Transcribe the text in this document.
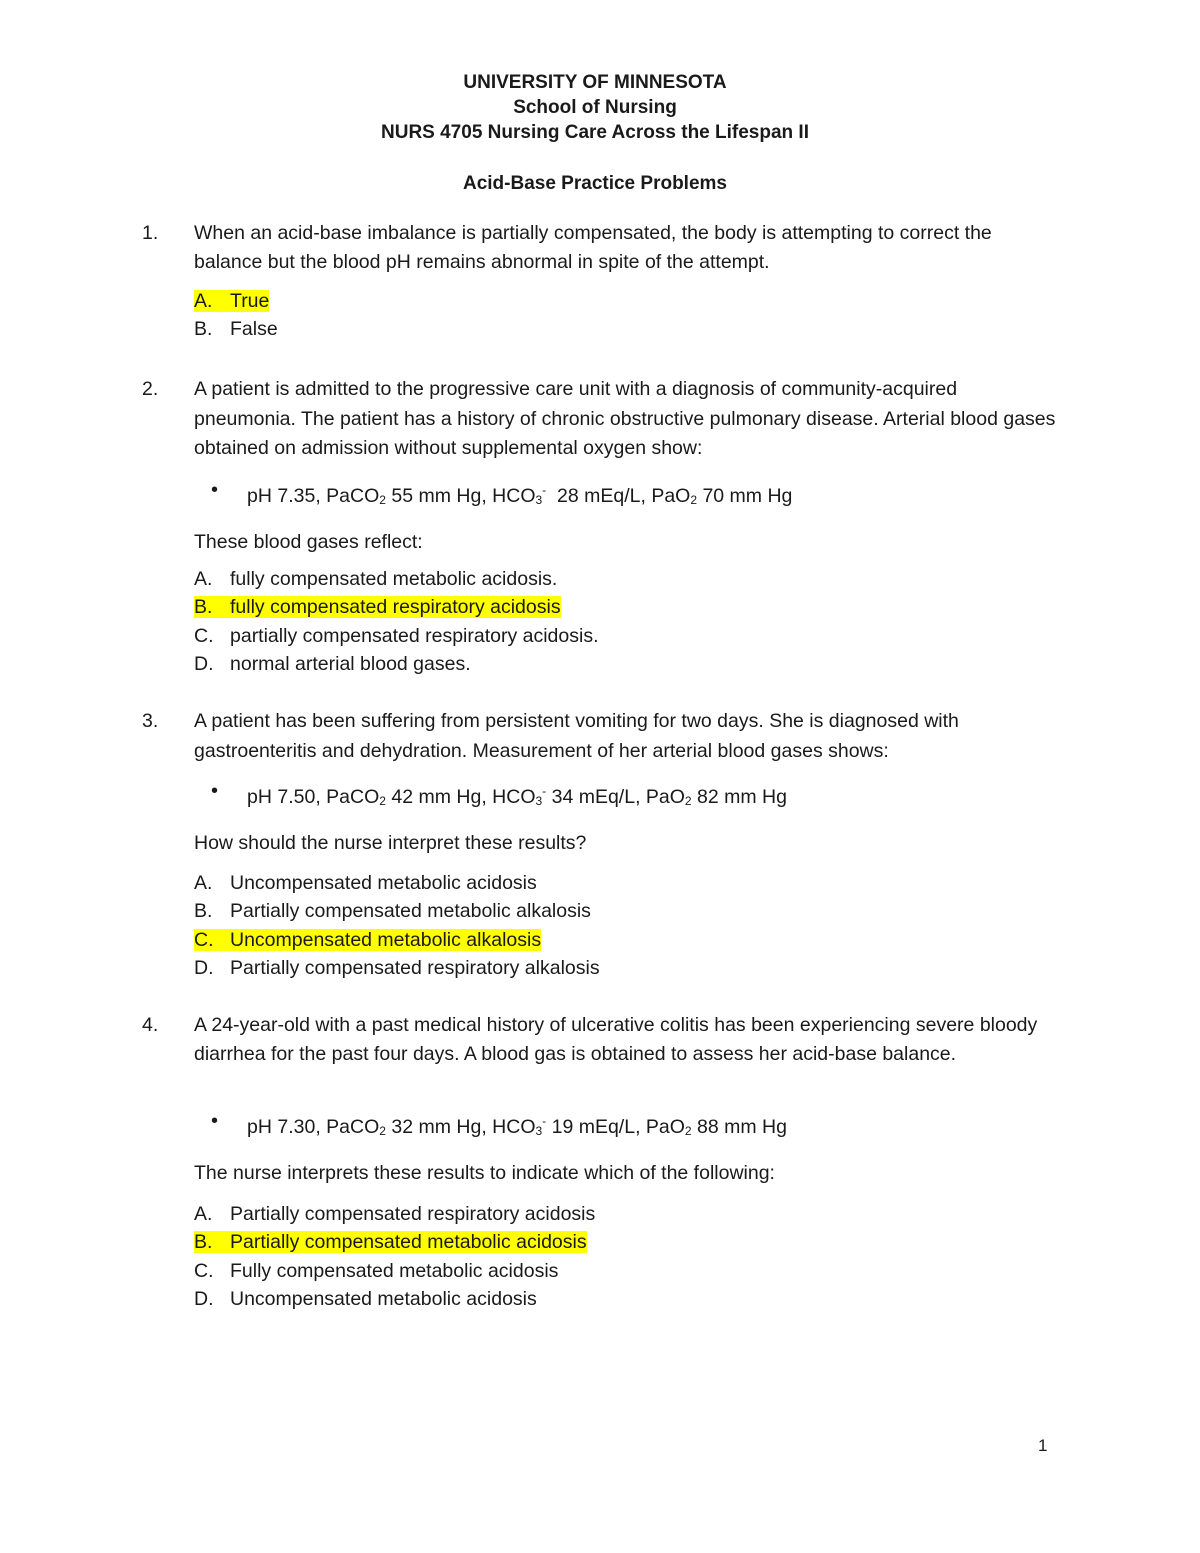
UNIVERSITY OF MINNESOTA
School of Nursing
NURS 4705 Nursing Care Across the Lifespan II
Acid-Base Practice Problems
1. When an acid-base imbalance is partially compensated, the body is attempting to correct the balance but the blood pH remains abnormal in spite of the attempt.

A. True
B. False
2. A patient is admitted to the progressive care unit with a diagnosis of community-acquired pneumonia. The patient has a history of chronic obstructive pulmonary disease. Arterial blood gases obtained on admission without supplemental oxygen show:

• pH 7.35, PaCO$_2$ 55 mm Hg, $HCO_3^-$ 28 mEq/L, PaO$_2$ 70 mm Hg
These blood gases reflect:
A. fully compensated metabolic acidosis.
B. fully compensated respiratory acidosis
C. partially compensated respiratory acidosis.
D. normal arterial blood gases.
3. A patient has been suffering from persistent vomiting for two days. She is diagnosed with gastroenteritis and dehydration. Measurement of her arterial blood gases shows:

• pH 7.50, PaCO$_2$ 42 mm Hg, $HCO_3^-$ 34 mEq/L, PaO$_2$ 82 mm Hg
How should the nurse interpret these results?
A. Uncompensated metabolic acidosis
B. Partially compensated metabolic alkalosis
C. Uncompensated metabolic alkalosis
D. Partially compensated respiratory alkalosis
4. A 24-year-old with a past medical history of ulcerative colitis has been experiencing severe bloody diarrhea for the past four days. A blood gas is obtained to assess her acid-base balance.

• pH 7.30, PaCO$_2$ 32 mm Hg, $HCO_3^-$ 19 mEq/L, PaO$_2$ 88 mm Hg
The nurse interprets these results to indicate which of the following:
A. Partially compensated respiratory acidosis
B. Partially compensated metabolic acidosis
C. Fully compensated metabolic acidosis
D. Uncompensated metabolic acidosis
1
